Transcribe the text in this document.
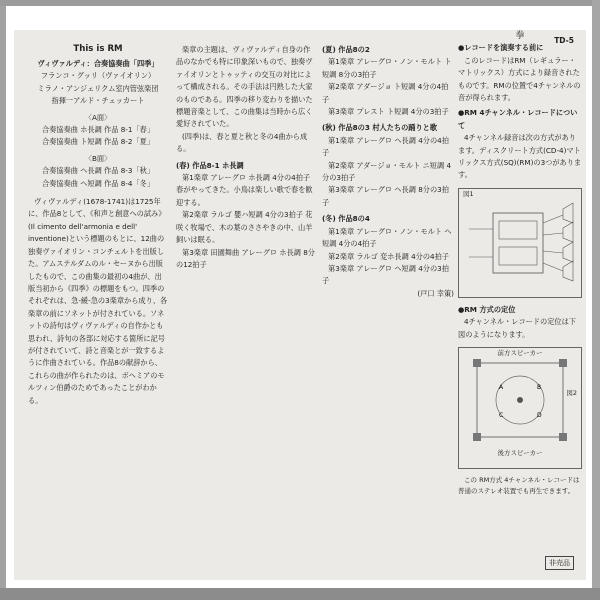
TD-5
This is RM

ヴィヴァルディ：合奏協奏曲「四季」

フランコ・グッリ（ヴァイオリン）

ミラノ・アンジェリクム室内管弦楽団

指揮一アルド・チェッカート

〈A面〉

合奏協奏曲 ホ長調 作品 8-1「春」

合奏協奏曲 ト短調 作品 8-2「夏」

〈B面〉

合奏協奏曲 ヘ長調 作品 8-3「秋」

合奏協奏曲 ヘ短調 作品 8-4「冬」

ヴィヴァルディ(1678-1741)は1725年に、作品8として、《和声と創意への試み》(Il cimento dell'armonia e dell' inventione)という標題のもとに、12曲の独奏ヴァイオリン・コンチェルトを出版した。アムステルダムのル・セーヌから出版したもので、この曲集の最初の4曲が、出版当初から《四季》の標題をもつ。四季のそれぞれは、急-緩-急の3楽章から成り、各楽章の前にソネットが付されている。ソネットの詩句はヴィヴァルディの自作かとも思われ、詩句の各部に対応する箇所に記号が付されていて、詩と音楽とが一致するように作曲されている。作品8の献辞から、これらの曲が作られたのは、ボヘミアのモルツィン伯爵のためであったことがわかる。

楽章の主題は、ヴィヴァルディ自身の作品のなかでも特に印象深いもので、独奏ヴァイオリンとトゥッティの交互の対比によって構成される。その手法は円熟した大家のものである。四季の移り変わりを描いた標題音楽として、この曲集は当時から広く愛好されていた。

(四季)は、春と夏と秋と冬の4曲から成る。

(春) 作品8-1 ホ長調

第1楽章 アレーグロ ホ長調 4分の4拍子 春がやってきた。小鳥は楽しい歌で春を歓迎する。

第2楽章 ラルゴ 嬰ハ短調 4分の3拍子 花咲く牧場で、木の葉のささやきの中、山羊飼いは眠る。

第3楽章 田園舞曲 アレーグロ ホ長調 8分の12拍子

(夏) 作品8の2

第1楽章 アレーグロ・ノン・モルト ト短調 8分の3拍子

第2楽章 アダージョ ト短調 4分の4拍子

第3楽章 プレスト ト短調 4分の3拍子

(秋) 作品8の3 村人たちの踊りと歌

第1楽章 アレーグロ ヘ長調 4分の4拍子

第2楽章 アダージョ・モルト ニ短調 4分の3拍子

第3楽章 アレーグロ ヘ長調 8分の3拍子

(冬) 作品8の4

第1楽章 アレーグロ・ノン・モルト ヘ短調 4分の4拍子

第2楽章 ラルゴ 変ホ長調 4分の4拍子

第3楽章 アレーグロ ヘ短調 4分の3拍子

(戸口 幸策)

拳

●レコードを演奏する前に

このレコードはRM（レギュラー・マトリックス）方式により録音されたものです。RMの位置で4チャンネルの音が得られます。

●RM 4チャンネル・レコードについて

4チャンネル録音は次の方式があります。ディスクリート方式(CD-4)マトリックス方式(SQ)(RM)の3つがあります。

図1

●RM 方式の定位

4チャンネル・レコードの定位は下図のようになります。

前方スピーカー
図2
A	B
C	D
後方スピーカー

この RM方式 4チャンネル・レコードは普通のステレオ装置でも再生できます。

非売品
